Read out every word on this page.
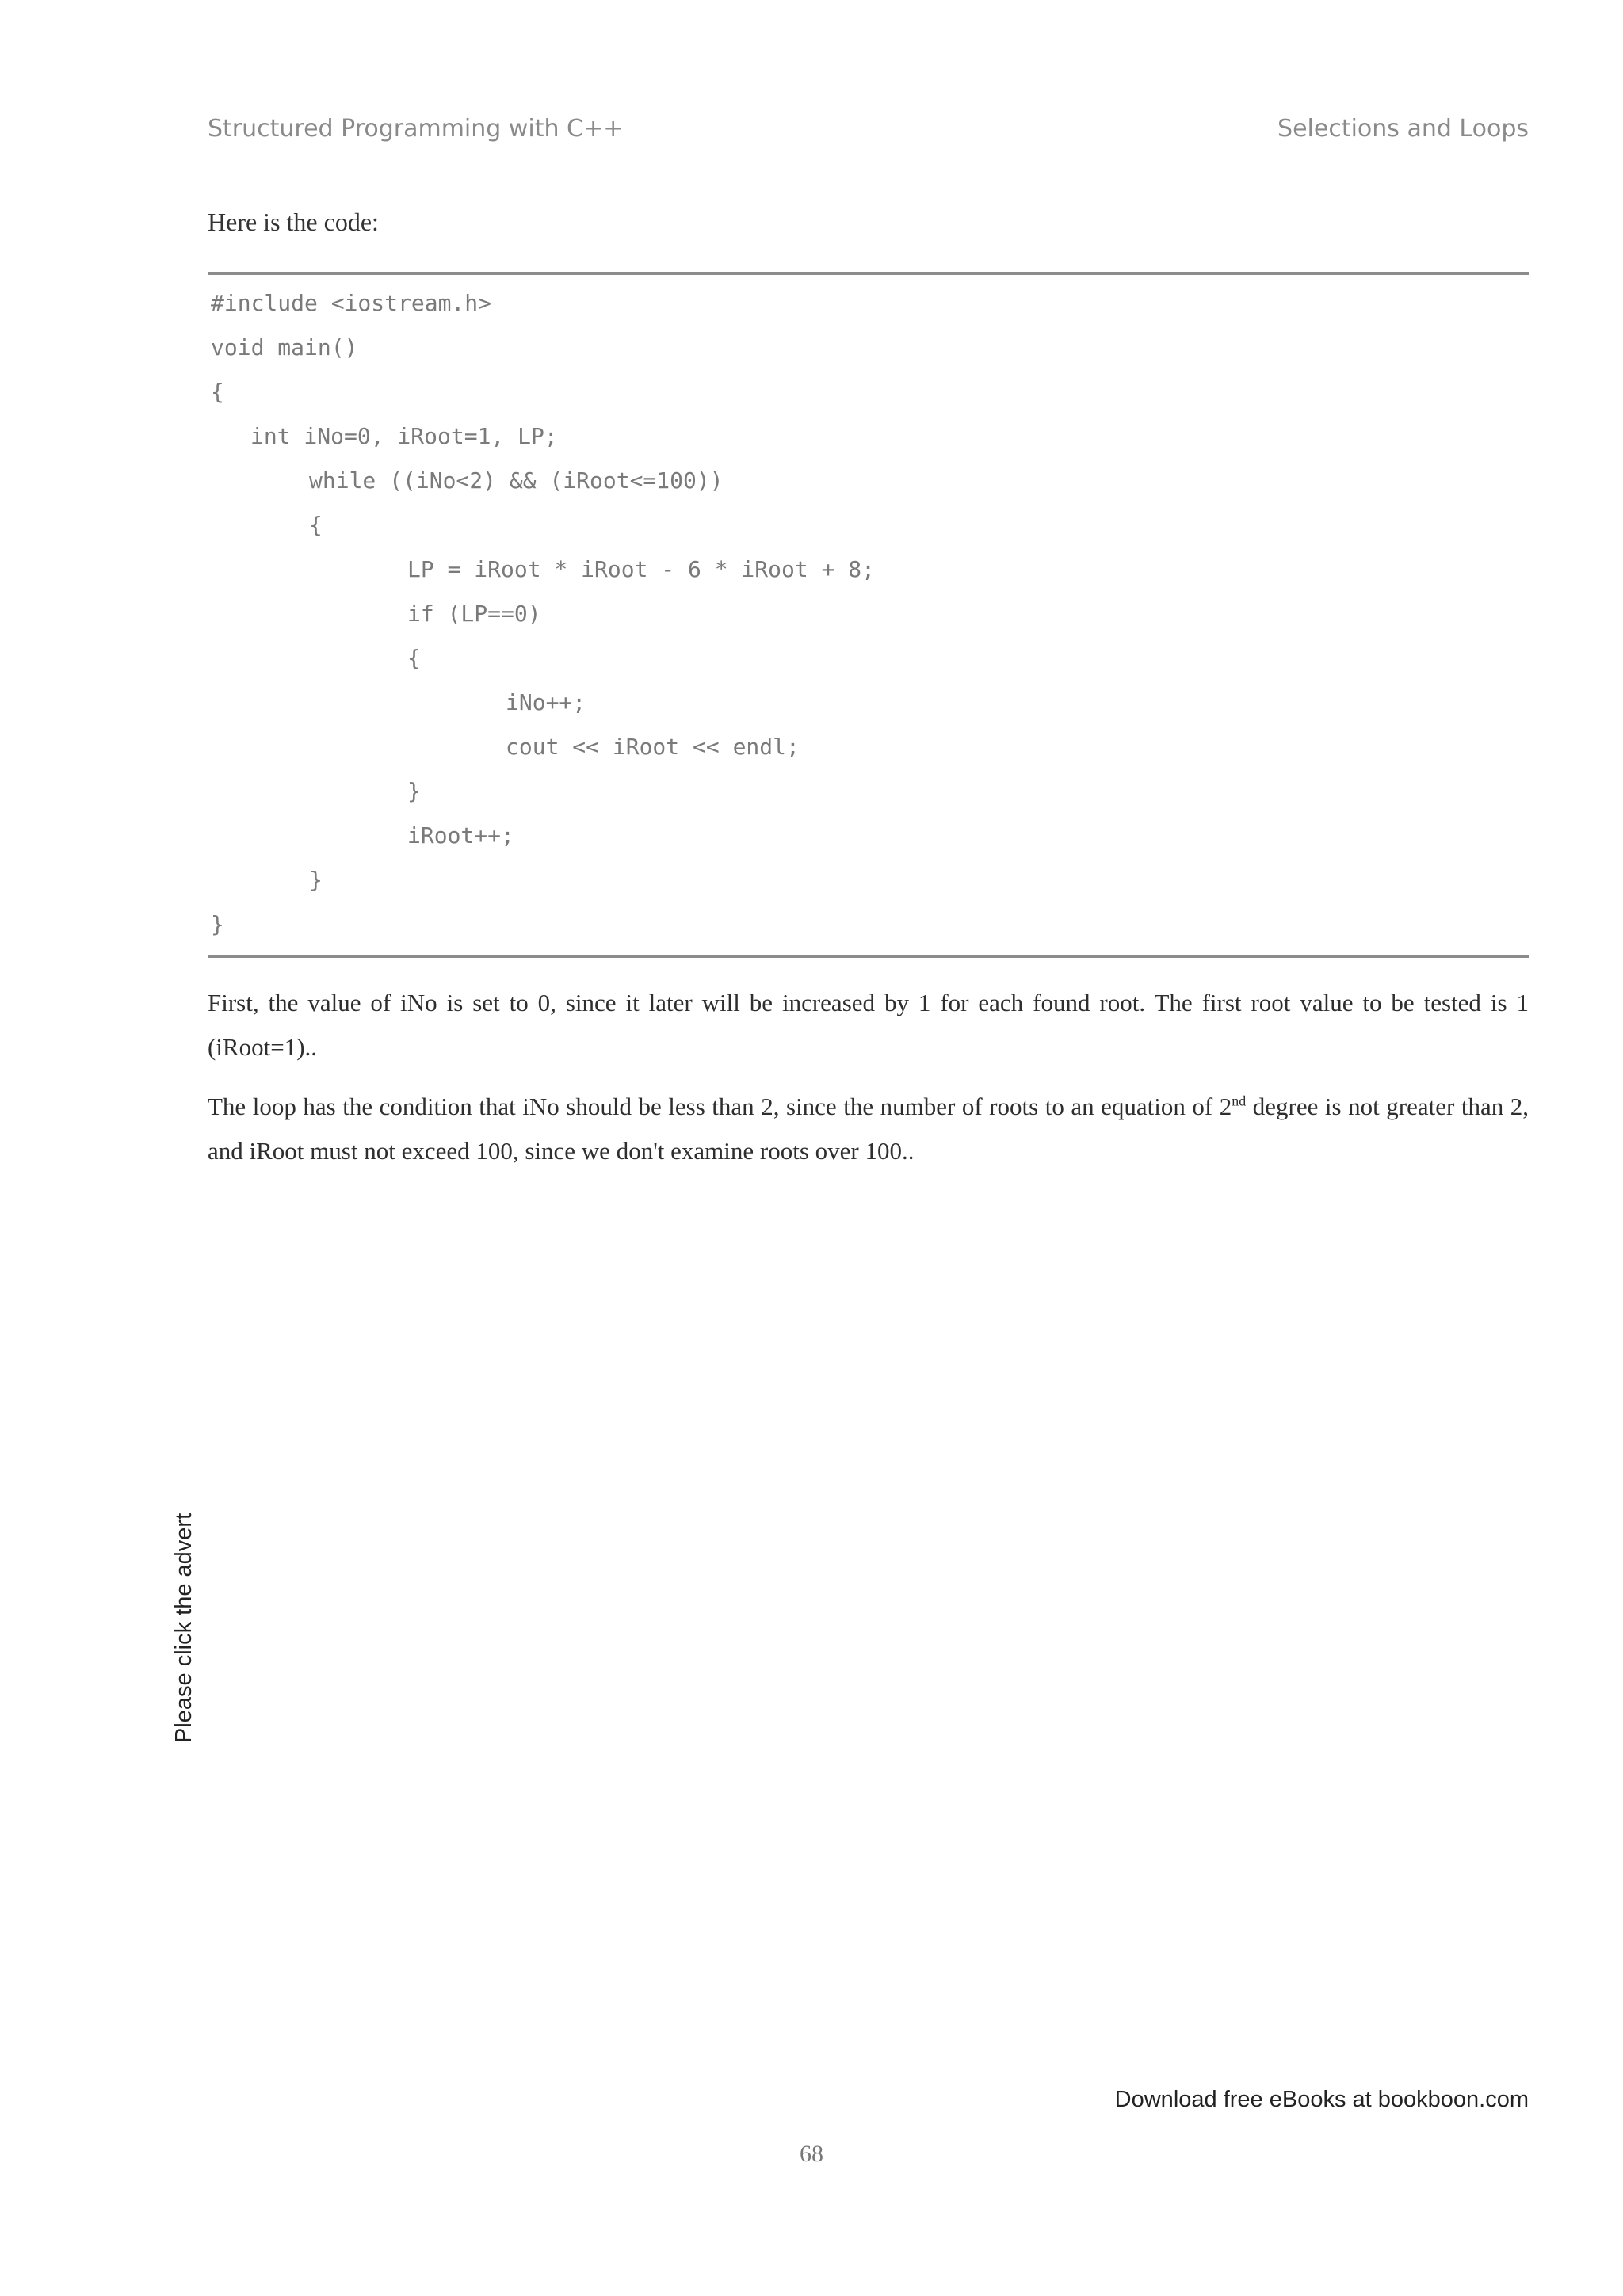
Structured Programming with C++	Selections and Loops
Here is the code:
#include <iostream.h>
void main()
{
int iNo=0, iRoot=1, LP;
while ((iNo<2) && (iRoot<=100))
{
LP = iRoot * iRoot - 6 * iRoot + 8;
if (LP==0)
{
iNo++;
cout << iRoot << endl;
}
iRoot++;
}
}

First, the value of iNo is set to 0, since it later will be increased by 1 for each found root. The first root value to be tested is 1 (iRoot=1)..

The loop has the condition that iNo should be less than 2, since the number of roots to an equation of 2nd degree is not greater than 2, and iRoot must not exceed 100, since we don't examine roots over 100..

Please click the advert
Download free eBooks at bookboon.com
68
